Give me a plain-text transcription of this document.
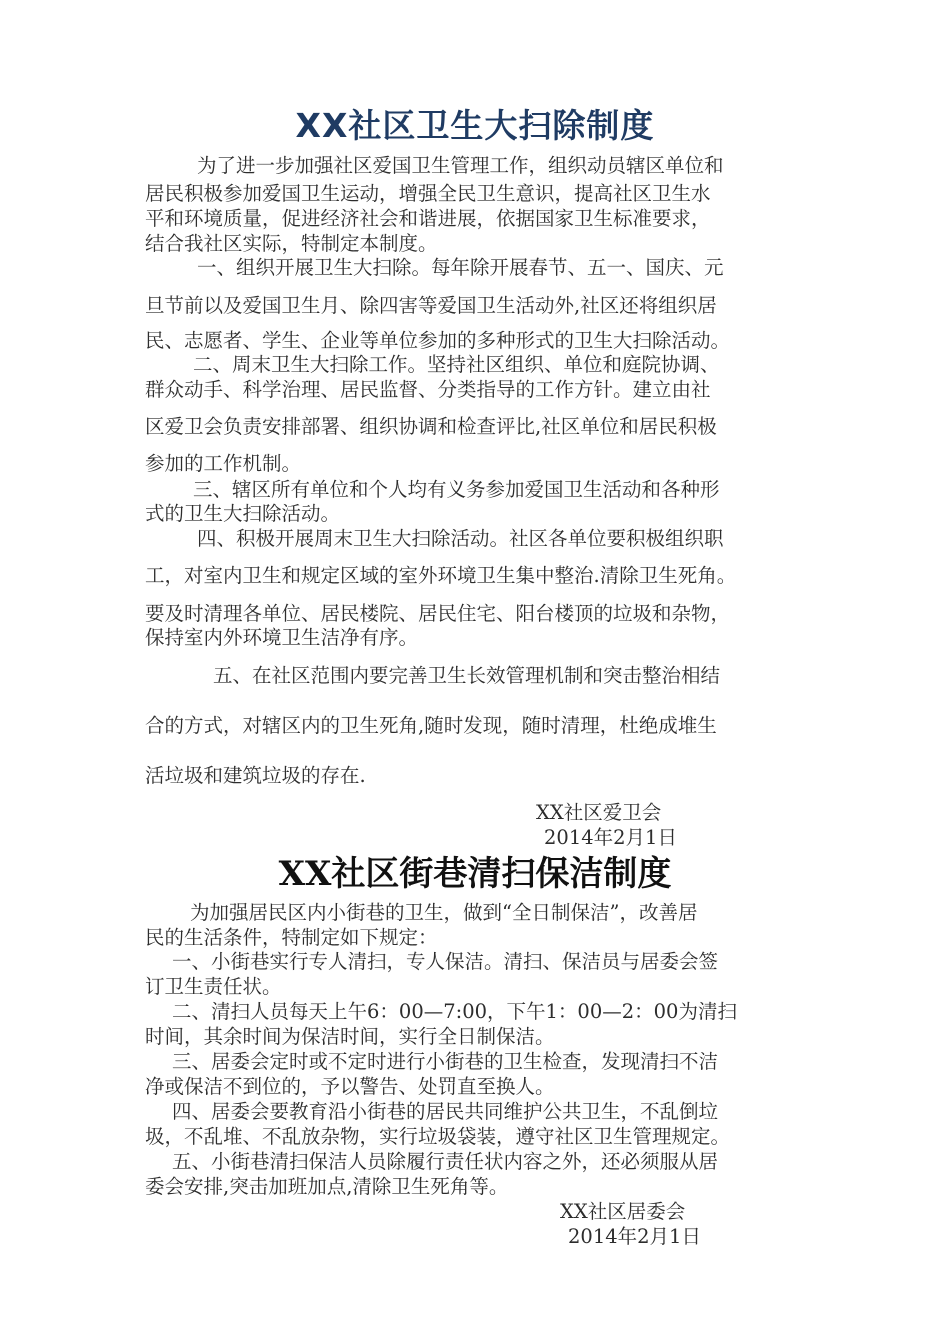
XX社区卫生大扫除制度
为了进一步加强社区爱国卫生管理工作，组织动员辖区单位和
居民积极参加爱国卫生运动，增强全民卫生意识，提高社区卫生水
平和环境质量，促进经济社会和谐进展，依据国家卫生标准要求，
结合我社区实际，特制定本制度。
一、组织开展卫生大扫除。每年除开展春节、五一、国庆、元
旦节前以及爱国卫生月、除四害等爱国卫生活动外,社区还将组织居
民、志愿者、学生、企业等单位参加的多种形式的卫生大扫除活动。
二、周末卫生大扫除工作。坚持社区组织、单位和庭院协调、
群众动手、科学治理、居民监督、分类指导的工作方针。建立由社
区爱卫会负责安排部署、组织协调和检查评比,社区单位和居民积极
参加的工作机制。
三、辖区所有单位和个人均有义务参加爱国卫生活动和各种形
式的卫生大扫除活动。
四、积极开展周末卫生大扫除活动。社区各单位要积极组织职
工，对室内卫生和规定区域的室外环境卫生集中整治.清除卫生死角。
要及时清理各单位、居民楼院、居民住宅、阳台楼顶的垃圾和杂物，
保持室内外环境卫生洁净有序。
五、在社区范围内要完善卫生长效管理机制和突击整治相结
合的方式，对辖区内的卫生死角,随时发现，随时清理，杜绝成堆生
活垃圾和建筑垃圾的存在.
XX社区爱卫会
2014年2月1日
XX社区街巷清扫保洁制度
为加强居民区内小街巷的卫生，做到“全日制保洁”，改善居
民的生活条件，特制定如下规定：
一、小街巷实行专人清扫，专人保洁。清扫、保洁员与居委会签
订卫生责任状。
二、清扫人员每天上午6：00—7:00，下午1：00—2：00为清扫
时间，其余时间为保洁时间，实行全日制保洁。
三、居委会定时或不定时进行小街巷的卫生检查，发现清扫不洁
净或保洁不到位的，予以警告、处罚直至换人。
四、居委会要教育沿小街巷的居民共同维护公共卫生，不乱倒垃
圾，不乱堆、不乱放杂物，实行垃圾袋装，遵守社区卫生管理规定。
五、小街巷清扫保洁人员除履行责任状内容之外，还必须服从居
委会安排,突击加班加点,清除卫生死角等。
XX社区居委会
2014年2月1日
